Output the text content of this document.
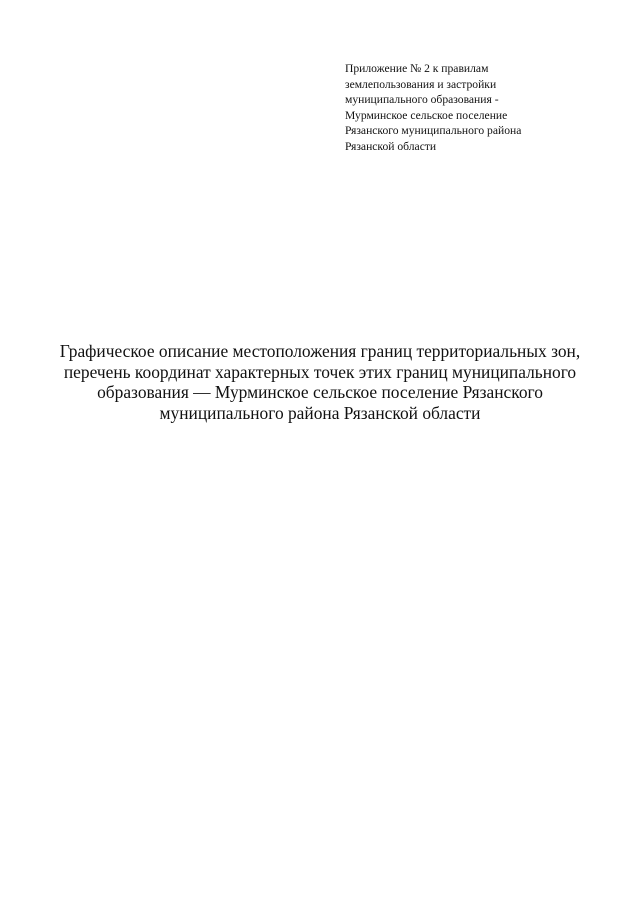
Приложение № 2 к правилам
землепользования и застройки
муниципального образования -
Мурминское сельское поселение
Рязанского муниципального района
Рязанской области
Графическое описание местоположения границ территориальных зон,
перечень координат характерных точек этих границ муниципального
образования — Мурминское сельское поселение Рязанского
муниципального района Рязанской области
